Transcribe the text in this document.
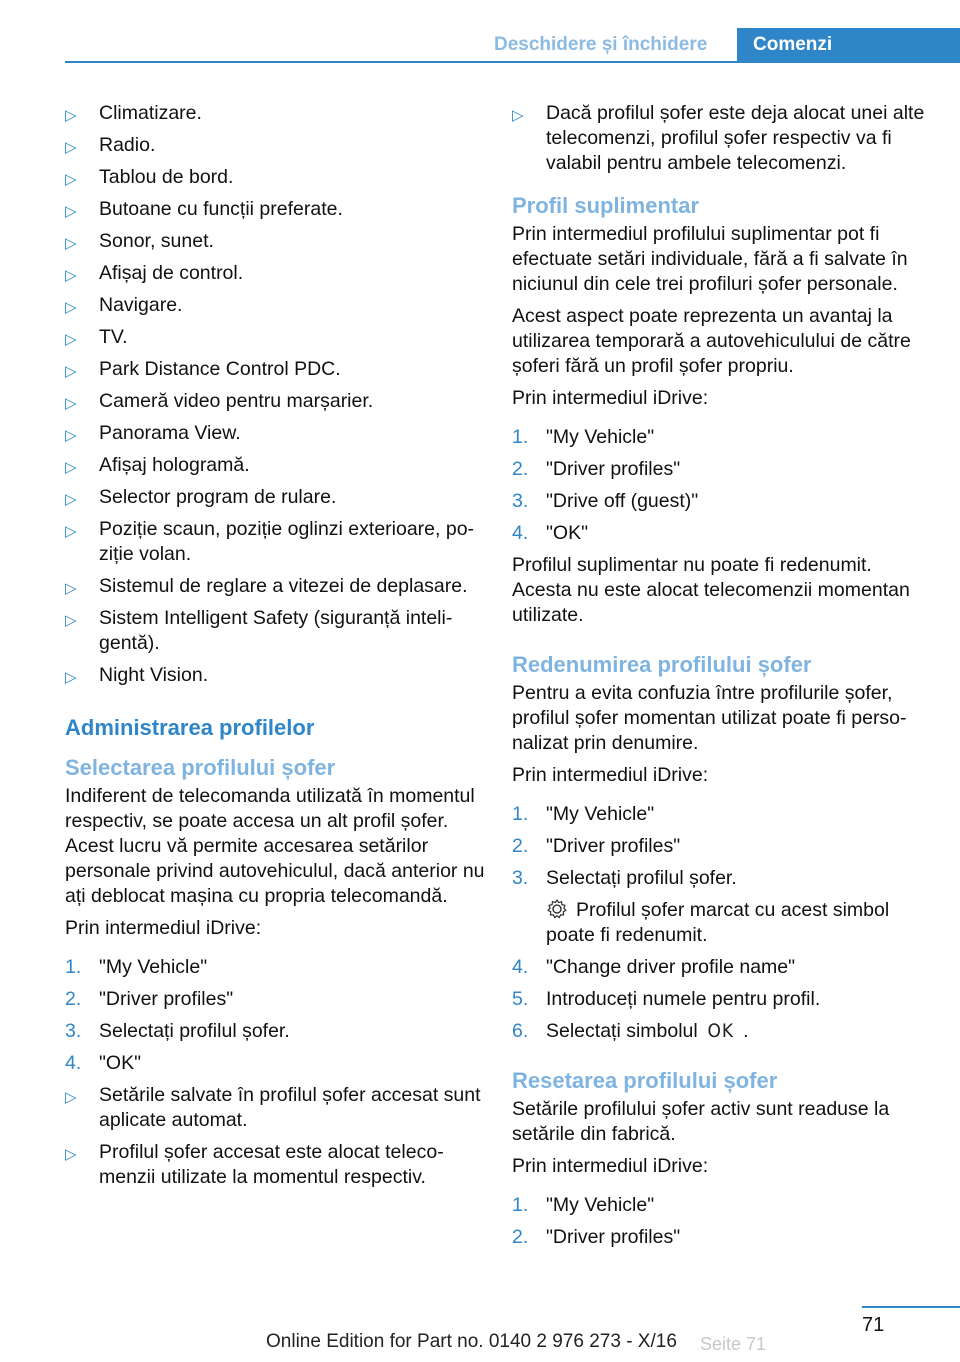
Deschidere și închidere	Comenzi
▷ Climatizare.
▷ Radio.
▷ Tablou de bord.
▷ Butoane cu funcții preferate.
▷ Sonor, sunet.
▷ Afișaj de control.
▷ Navigare.
▷ TV.
▷ Park Distance Control PDC.
▷ Cameră video pentru marșarier.
▷ Panorama View.
▷ Afișaj hologramă.
▷ Selector program de rulare.
▷ Poziție scaun, poziție oglinzi exterioare, poziție volan.
▷ Sistemul de reglare a vitezei de deplasare.
▷ Sistem Intelligent Safety (siguranță inteligentă).
▷ Night Vision.
Administrarea profilelor
Selectarea profilului șofer
Indiferent de telecomanda utilizată în momentul respectiv, se poate accesa un alt profil șofer. Acest lucru vă permite accesarea setărilor personale privind autovehiculul, dacă anterior nu ați deblocat mașina cu propria telecomandă.
Prin intermediul iDrive:
1. "My Vehicle"
2. "Driver profiles"
3. Selectați profilul șofer.
4. "OK"
▷ Setările salvate în profilul șofer accesat sunt aplicate automat.
▷ Profilul șofer accesat este alocat telecomenzii utilizate la momentul respectiv.
▷ Dacă profilul șofer este deja alocat unei alte telecomenzi, profilul șofer respectiv va fi valabil pentru ambele telecomenzi.
Profil suplimentar
Prin intermediul profilului suplimentar pot fi efectuate setări individuale, fără a fi salvate în niciunul din cele trei profiluri șofer personale.
Acest aspect poate reprezenta un avantaj la utilizarea temporară a autovehiculului de către șoferi fără un profil șofer propriu.
Prin intermediul iDrive:
1. "My Vehicle"
2. "Driver profiles"
3. "Drive off (guest)"
4. "OK"
Profilul suplimentar nu poate fi redenumit. Acesta nu este alocat telecomenzii momentan utilizate.
Redenumirea profilului șofer
Pentru a evita confuzia între profilurile șofer, profilul șofer momentan utilizat poate fi personalizat prin denumire.
Prin intermediul iDrive:
1. "My Vehicle"
2. "Driver profiles"
3. Selectați profilul șofer.
Profilul șofer marcat cu acest simbol poate fi redenumit.
4. "Change driver profile name"
5. Introduceți numele pentru profil.
6. Selectați simbolul OK .
Resetarea profilului șofer
Setările profilului șofer activ sunt readuse la setările din fabrică.
Prin intermediul iDrive:
1. "My Vehicle"
2. "Driver profiles"
71
Seite 71
Online Edition for Part no. 0140 2 976 273 - X/16
